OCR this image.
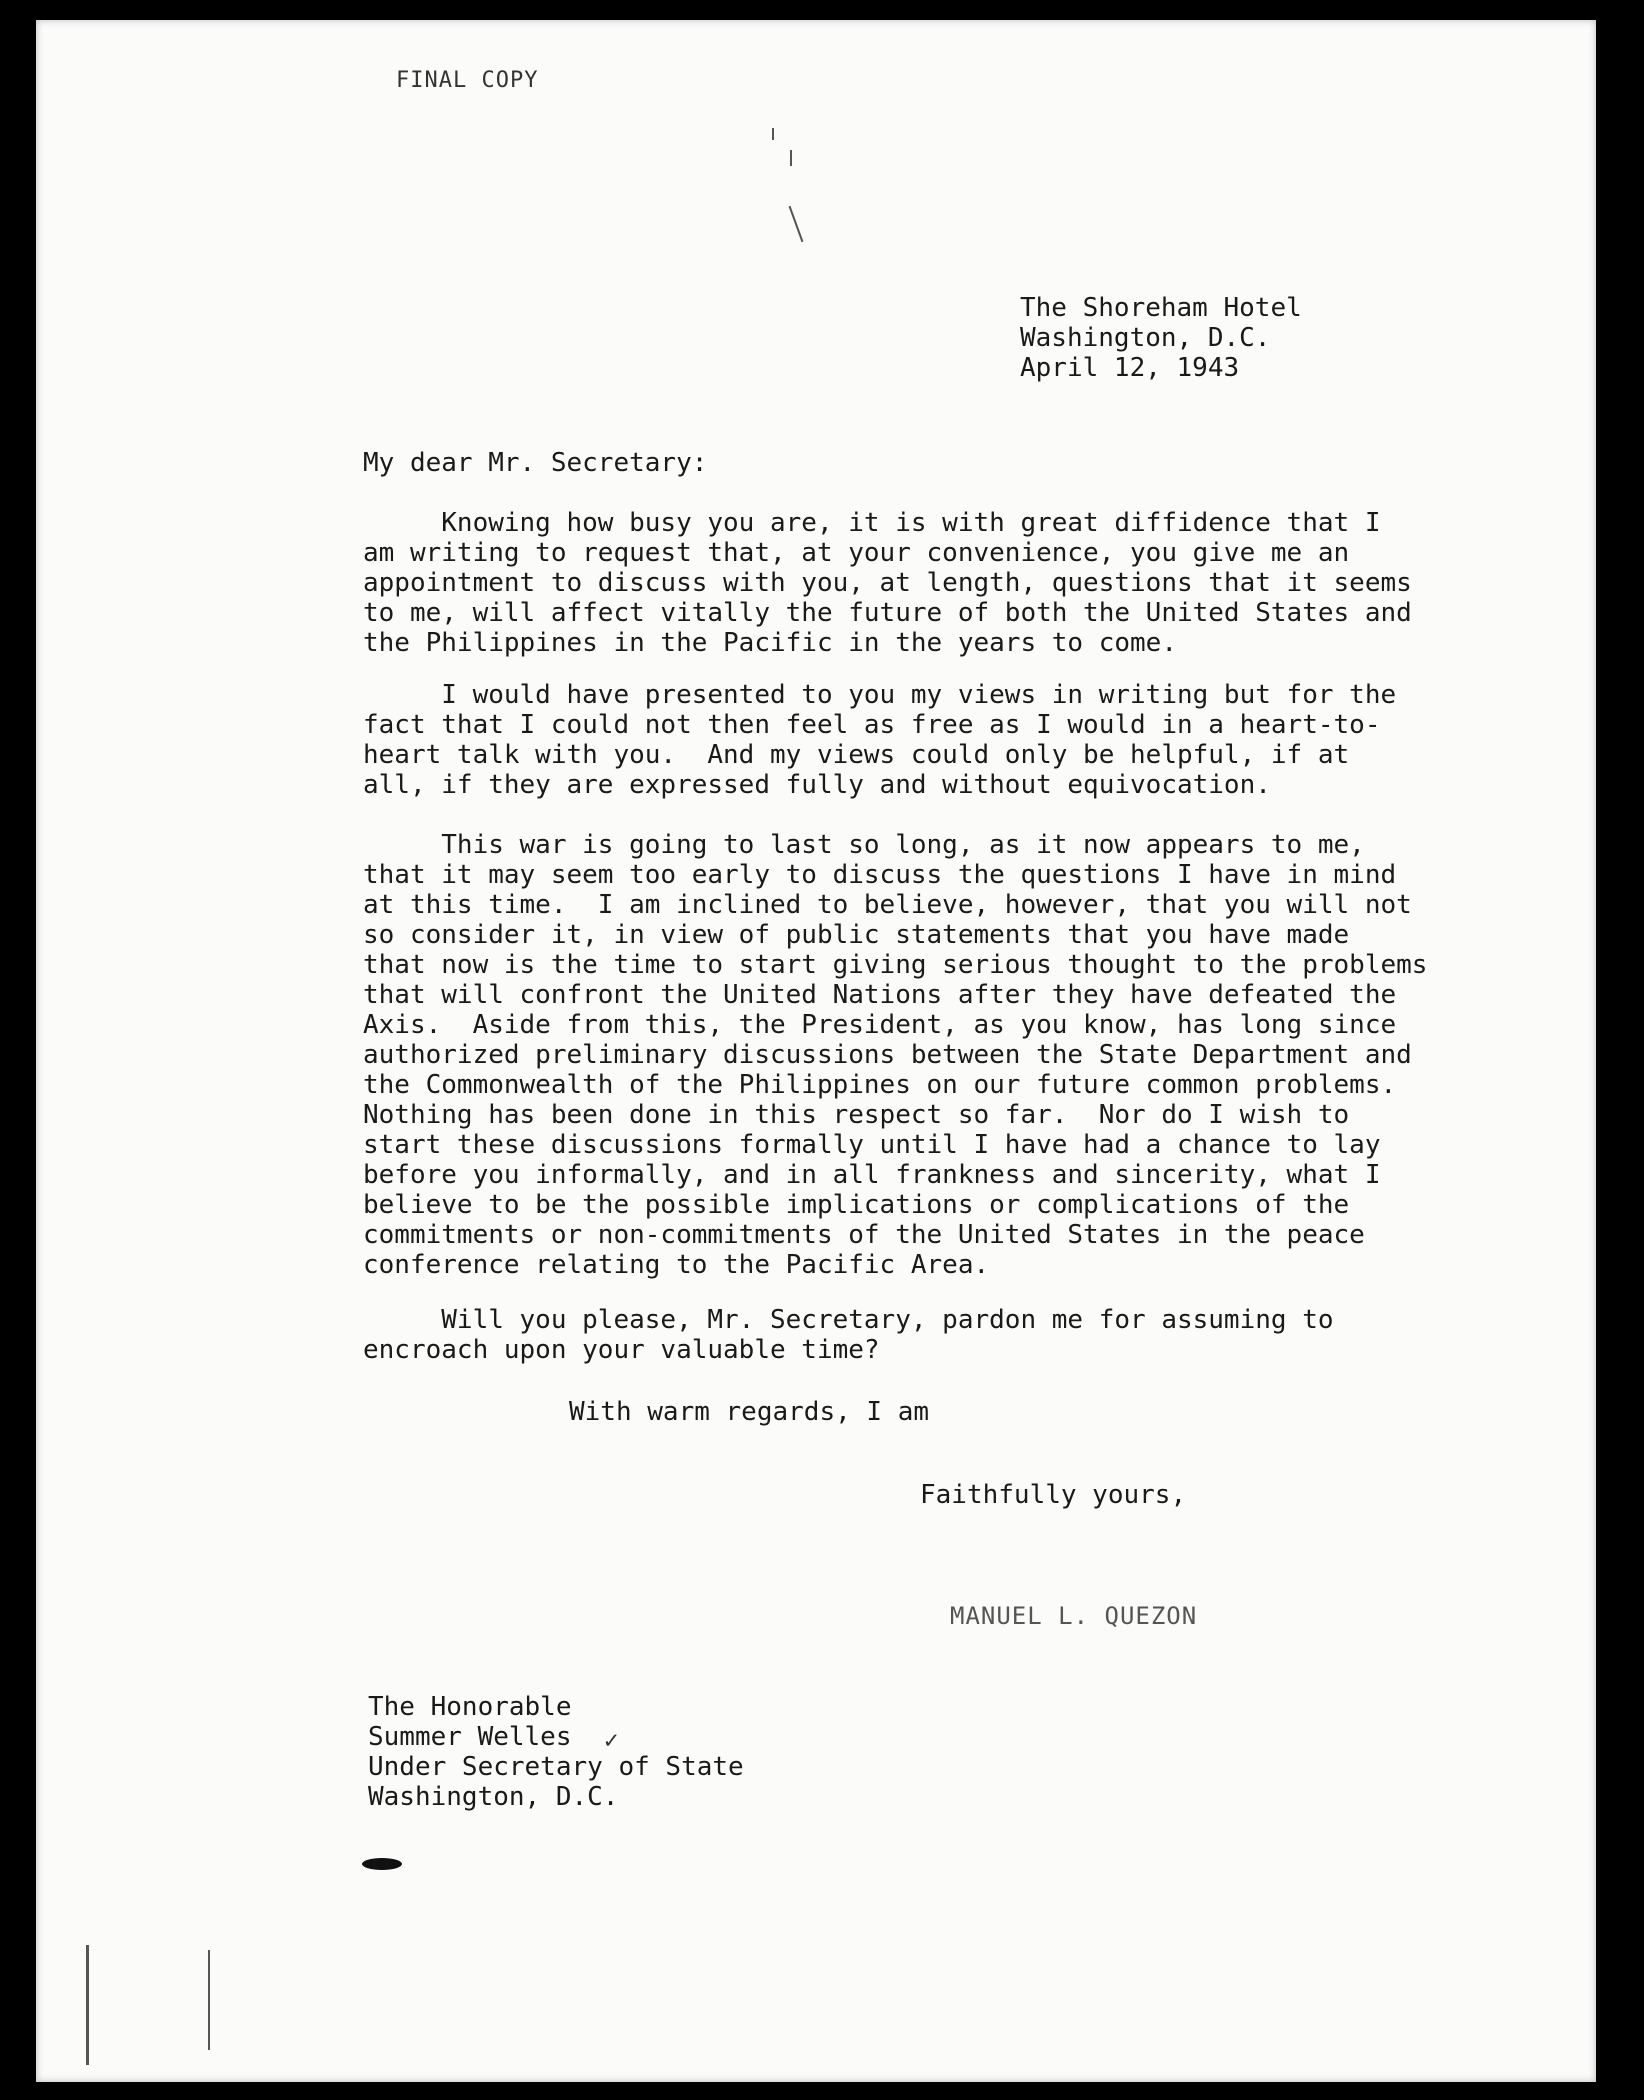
FINAL COPY
The Shoreham Hotel
Washington, D.C.
April 12, 1943
My dear Mr. Secretary:
Knowing how busy you are, it is with great diffidence that I
am writing to request that, at your convenience, you give me an
appointment to discuss with you, at length, questions that it seems
to me, will affect vitally the future of both the United States and
the Philippines in the Pacific in the years to come.
I would have presented to you my views in writing but for the
fact that I could not then feel as free as I would in a heart-to-
heart talk with you.  And my views could only be helpful, if at
all, if they are expressed fully and without equivocation.
This war is going to last so long, as it now appears to me,
that it may seem too early to discuss the questions I have in mind
at this time.  I am inclined to believe, however, that you will not
so consider it, in view of public statements that you have made
that now is the time to start giving serious thought to the problems
that will confront the United Nations after they have defeated the
Axis.  Aside from this, the President, as you know, has long since
authorized preliminary discussions between the State Department and
the Commonwealth of the Philippines on our future common problems.
Nothing has been done in this respect so far.  Nor do I wish to
start these discussions formally until I have had a chance to lay
before you informally, and in all frankness and sincerity, what I
believe to be the possible implications or complications of the
commitments or non-commitments of the United States in the peace
conference relating to the Pacific Area.
Will you please, Mr. Secretary, pardon me for assuming to
encroach upon your valuable time?
With warm regards, I am
Faithfully yours,
MANUEL L. QUEZON
The Honorable
Summer Welles
Under Secretary of State
Washington, D.C.
✓
